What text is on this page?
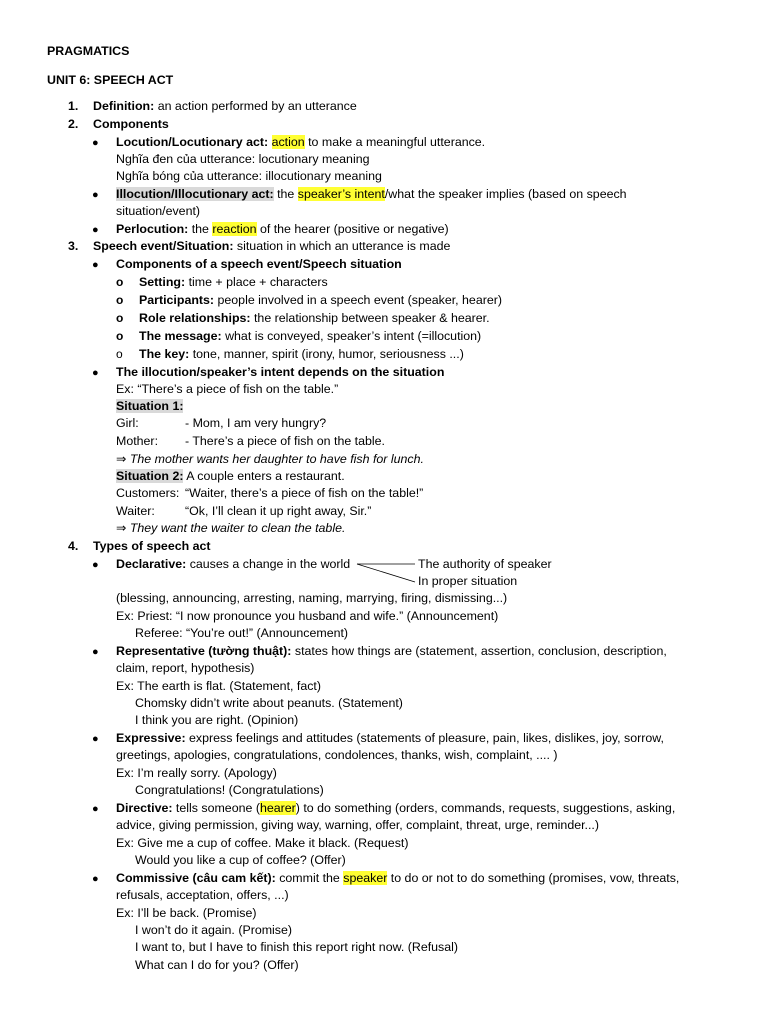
PRAGMATICS
UNIT 6: SPEECH ACT
1. Definition: an action performed by an utterance
2. Components
● Locution/Locutionary act: action to make a meaningful utterance.
Nghĩa đen của utterance: locutionary meaning
Nghĩa bóng của utterance: illocutionary meaning
● Illocution/Illocutionary act: the speaker’s intent/what the speaker implies (based on speech
situation/event)
● Perlocution: the reaction of the hearer (positive or negative)
3. Speech event/Situation: situation in which an utterance is made
● Components of a speech event/Speech situation
o Setting: time + place + characters
o Participants: people involved in a speech event (speaker, hearer)
o Role relationships: the relationship between speaker & hearer.
o The message: what is conveyed, speaker’s intent (=illocution)
o The key: tone, manner, spirit (irony, humor, seriousness ...)
● The illocution/speaker’s intent depends on the situation
Ex: “There’s a piece of fish on the table.”
Situation 1:
Girl:	- Mom, I am very hungry?
Mother: - There’s a piece of fish on the table.
⇒ The mother wants her daughter to have fish for lunch.
Situation 2: A couple enters a restaurant.
Customers: “Waiter, there’s a piece of fish on the table!”
Waiter: “Ok, I’ll clean it up right away, Sir.”
⇒ They want the waiter to clean the table.
4. Types of speech act
● Declarative: causes a change in the world	The authority of speaker
In proper situation
(blessing, announcing, arresting, naming, marrying, firing, dismissing...)
Ex: Priest: “I now pronounce you husband and wife.” (Announcement)
Referee: “You’re out!” (Announcement)
● Representative (tường thuật): states how things are (statement, assertion, conclusion, description,
claim, report, hypothesis)
Ex: The earth is flat. (Statement, fact)
Chomsky didn’t write about peanuts. (Statement)
I think you are right. (Opinion)
● Expressive: express feelings and attitudes (statements of pleasure, pain, likes, dislikes, joy, sorrow,
greetings, apologies, congratulations, condolences, thanks, wish, complaint, .... )
Ex: I’m really sorry. (Apology)
Congratulations! (Congratulations)
● Directive: tells someone (hearer) to do something (orders, commands, requests, suggestions, asking,
advice, giving permission, giving way, warning, offer, complaint, threat, urge, reminder...)
Ex: Give me a cup of coffee. Make it black. (Request)
Would you like a cup of coffee? (Offer)
● Commissive (câu cam kết): commit the speaker to do or not to do something (promises, vow, threats,
refusals, acceptation, offers, ...)
Ex: I’ll be back. (Promise)
I won’t do it again. (Promise)
I want to, but I have to finish this report right now. (Refusal)
What can I do for you? (Offer)
